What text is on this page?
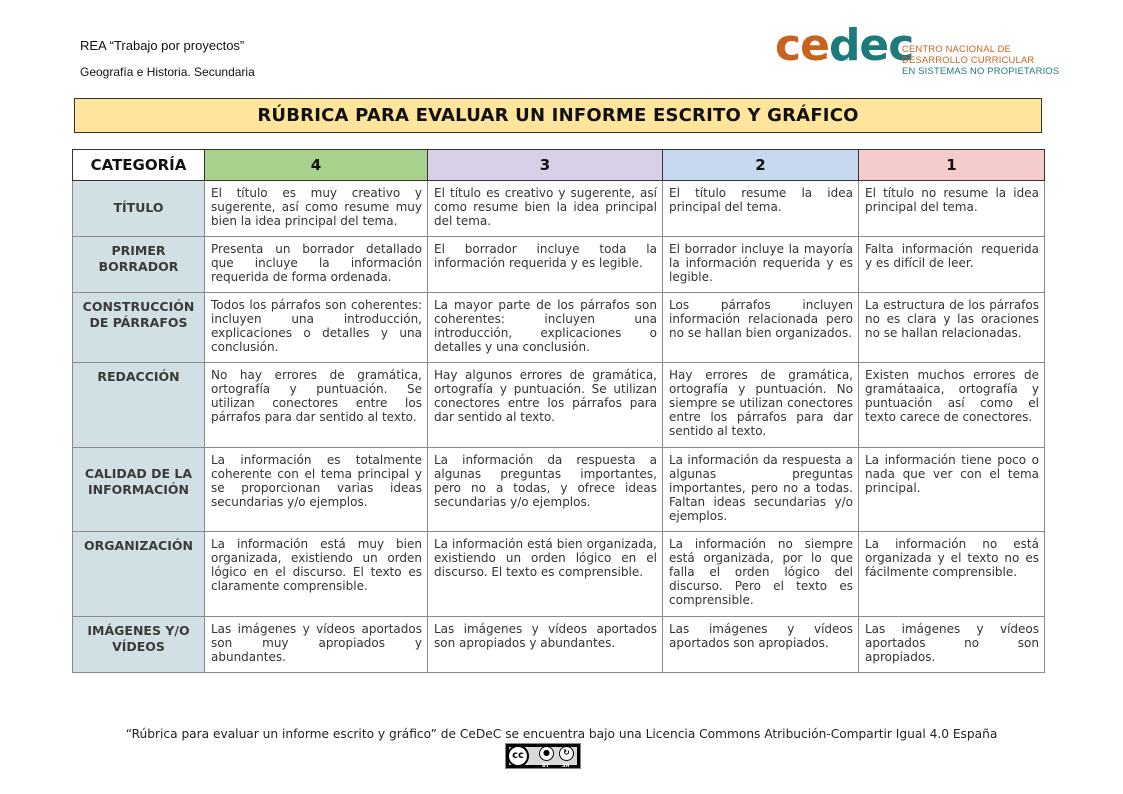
REA “Trabajo por proyectos”
Geografía e Historia. Secundaria
cedec
CENTRO NACIONAL DE
DESARROLLO CURRICULAR
EN SISTEMAS NO PROPIETARIOS
RÚBRICA PARA EVALUAR UN INFORME ESCRITO Y GRÁFICO
CATEGORÍA	4	3	2	1
TÍTULO	El título es muy creativo y sugerente, así como resume muy bien la idea principal del tema.	El título es creativo y sugerente, así como resume bien la idea principal del tema.	El título resume la idea principal del tema.	El título no resume la idea principal del tema.
PRIMER BORRADOR	Presenta un borrador detallado que incluye la información requerida de forma ordenada.	El borrador incluye toda la información requerida y es legible.	El borrador incluye la mayoría la información requerida y es legible.	Falta información requerida y es difícil de leer.
CONSTRUCCIÓN DE PÁRRAFOS	Todos los párrafos son coherentes: incluyen una introducción, explicaciones o detalles y una conclusión.	La mayor parte de los párrafos son coherentes: incluyen una introducción, explicaciones o detalles y una conclusión.	Los párrafos incluyen información relacionada pero no se hallan bien organizados.	La estructura de los párrafos no es clara y las oraciones no se hallan relacionadas.
REDACCIÓN	No hay errores de gramática, ortografía y puntuación. Se utilizan conectores entre los párrafos para dar sentido al texto.	Hay algunos errores de gramática, ortografía y puntuación. Se utilizan conectores entre los párrafos para dar sentido al texto.	Hay errores de gramática, ortografía y puntuación. No siempre se utilizan conectores entre los párrafos para dar sentido al texto.	Existen muchos errores de gramátaaica, ortografía y puntuación así como el texto carece de conectores.
CALIDAD DE LA INFORMACIÓN	La información es totalmente coherente con el tema principal y se proporcionan varias ideas secundarias y/o ejemplos.	La información da respuesta a algunas preguntas importantes, pero no a todas, y ofrece ideas secundarias y/o ejemplos.	La información da respuesta a algunas preguntas importantes, pero no a todas. Faltan ideas secundarias y/o ejemplos.	La información tiene poco o nada que ver con el tema principal.
ORGANIZACIÓN	La información está muy bien organizada, existiendo un orden lógico en el discurso. El texto es claramente comprensible.	La información está bien organizada, existiendo un orden lógico en el discurso. El texto es comprensible.	La información no siempre está organizada, por lo que falla el orden lógico del discurso. Pero el texto es comprensible.	La información no está organizada y el texto no es fácilmente comprensible.
IMÁGENES Y/O VÍDEOS	Las imágenes y vídeos aportados son muy apropiados y abundantes.	Las imágenes y vídeos aportados son apropiados y abundantes.	Las imágenes y vídeos aportados son apropiados.	Las imágenes y vídeos aportados no son apropiados.
“Rúbrica para evaluar un informe escrito y gráfico” de CeDeC se encuentra bajo una Licencia Commons Atribución-Compartir Igual 4.0 España
cc	●	↻
BY	SA
